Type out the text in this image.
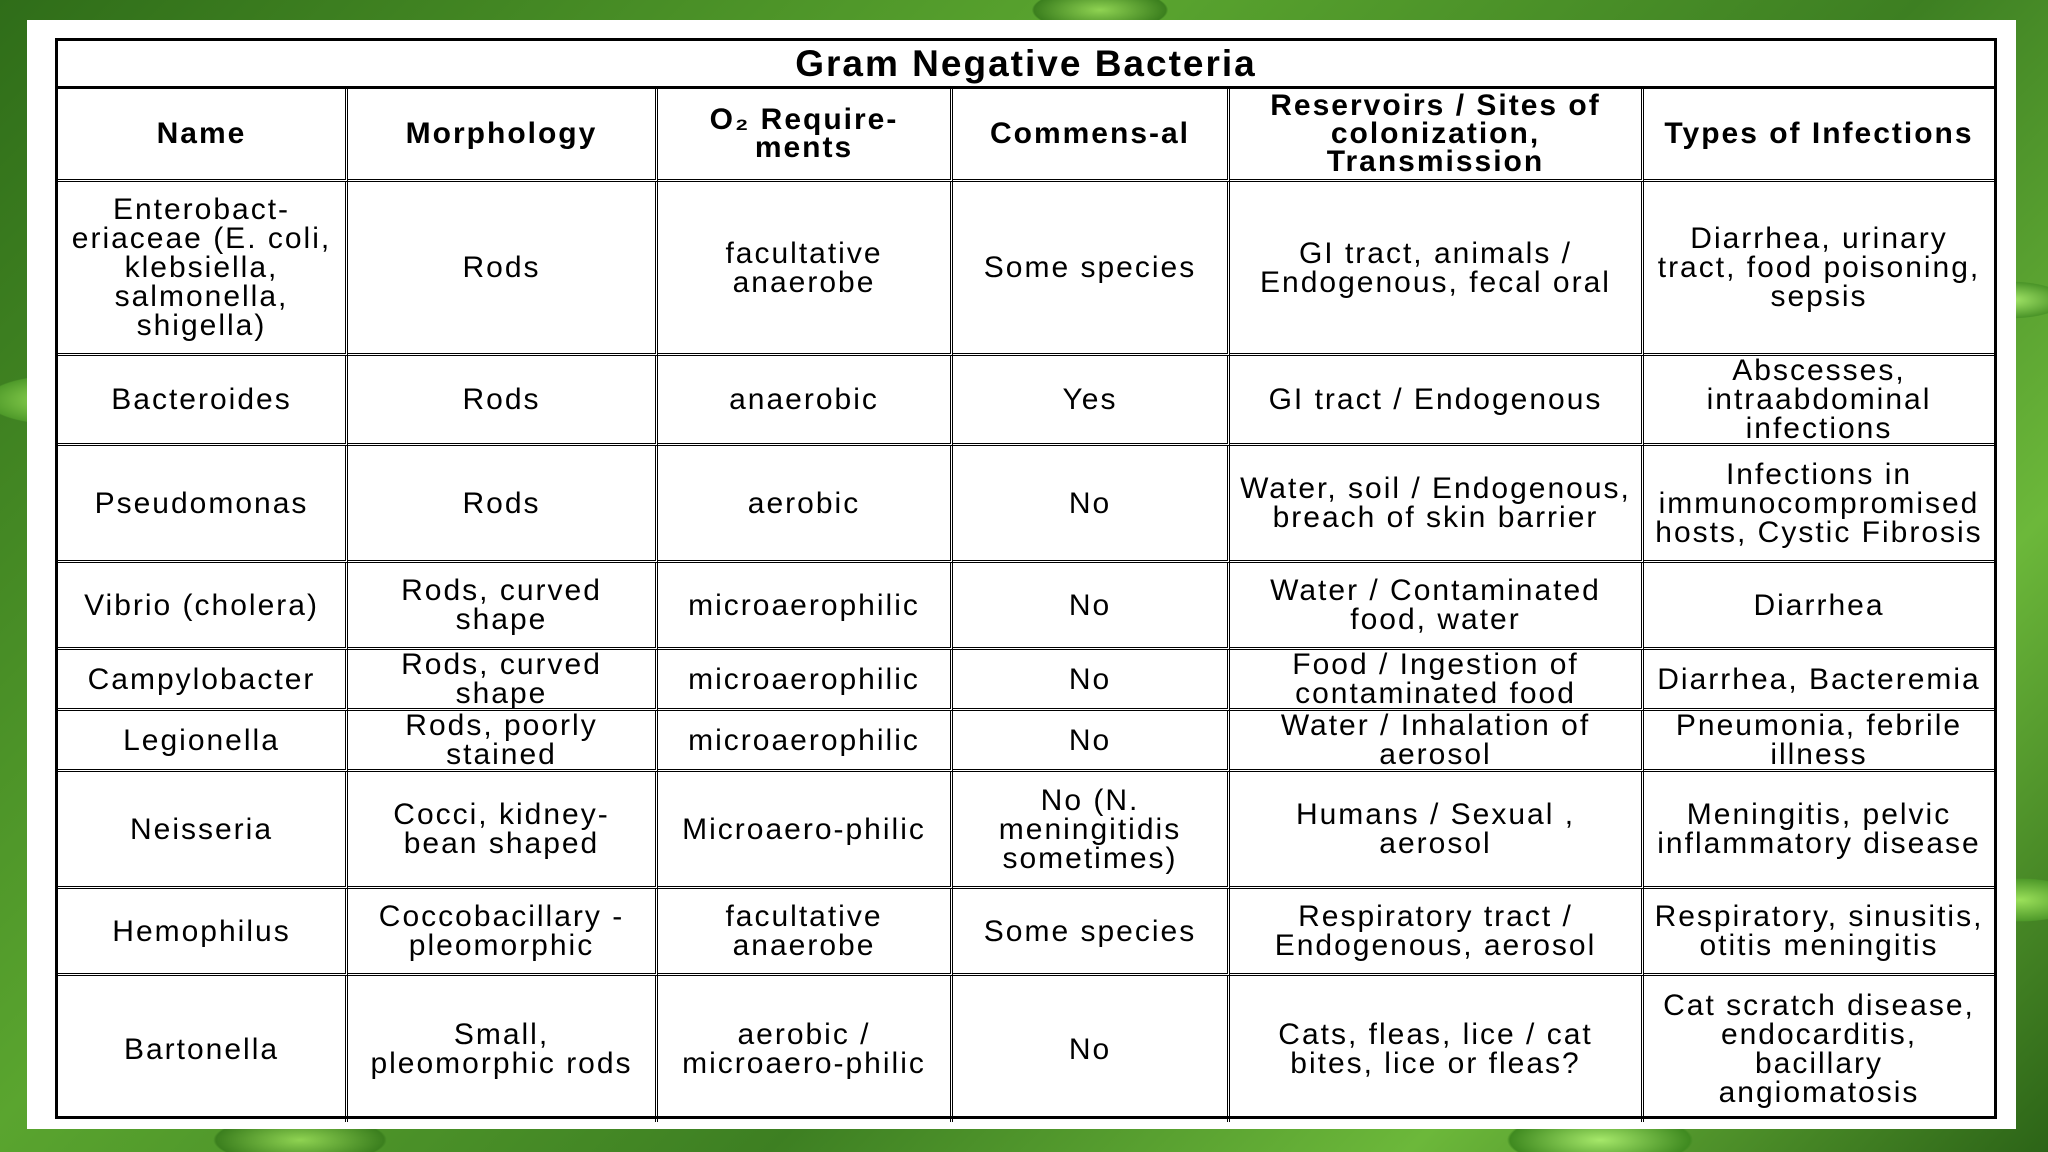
Gram Negative Bacteria
Name	Morphology	O₂ Require-ments	Commens-al	Reservoirs / Sites of colonization, Transmission	Types of Infections
Enterobact-eriaceae (E. coli, klebsiella, salmonella, shigella)	Rods	facultative anaerobe	Some species	GI tract, animals / Endogenous, fecal oral	Diarrhea, urinary tract, food poisoning, sepsis
Bacteroides	Rods	anaerobic	Yes	GI tract / Endogenous	Abscesses, intraabdominal infections
Pseudomonas	Rods	aerobic	No	Water, soil / Endogenous, breach of skin barrier	Infections in immunocompromised hosts, Cystic Fibrosis
Vibrio (cholera)	Rods, curved shape	microaerophilic	No	Water / Contaminated food, water	Diarrhea
Campylobacter	Rods, curved shape	microaerophilic	No	Food / Ingestion of contaminated food	Diarrhea, Bacteremia
Legionella	Rods, poorly stained	microaerophilic	No	Water / Inhalation of aerosol	Pneumonia, febrile illness
Neisseria	Cocci, kidney-bean shaped	Microaero-philic	No (N. meningitidis sometimes)	Humans / Sexual , aerosol	Meningitis, pelvic inflammatory disease
Hemophilus	Coccobacillary - pleomorphic	facultative anaerobe	Some species	Respiratory tract / Endogenous, aerosol	Respiratory, sinusitis, otitis meningitis
Bartonella	Small, pleomorphic rods	aerobic / microaero-philic	No	Cats, fleas, lice / cat bites, lice or fleas?	Cat scratch disease, endocarditis, bacillary angiomatosis
